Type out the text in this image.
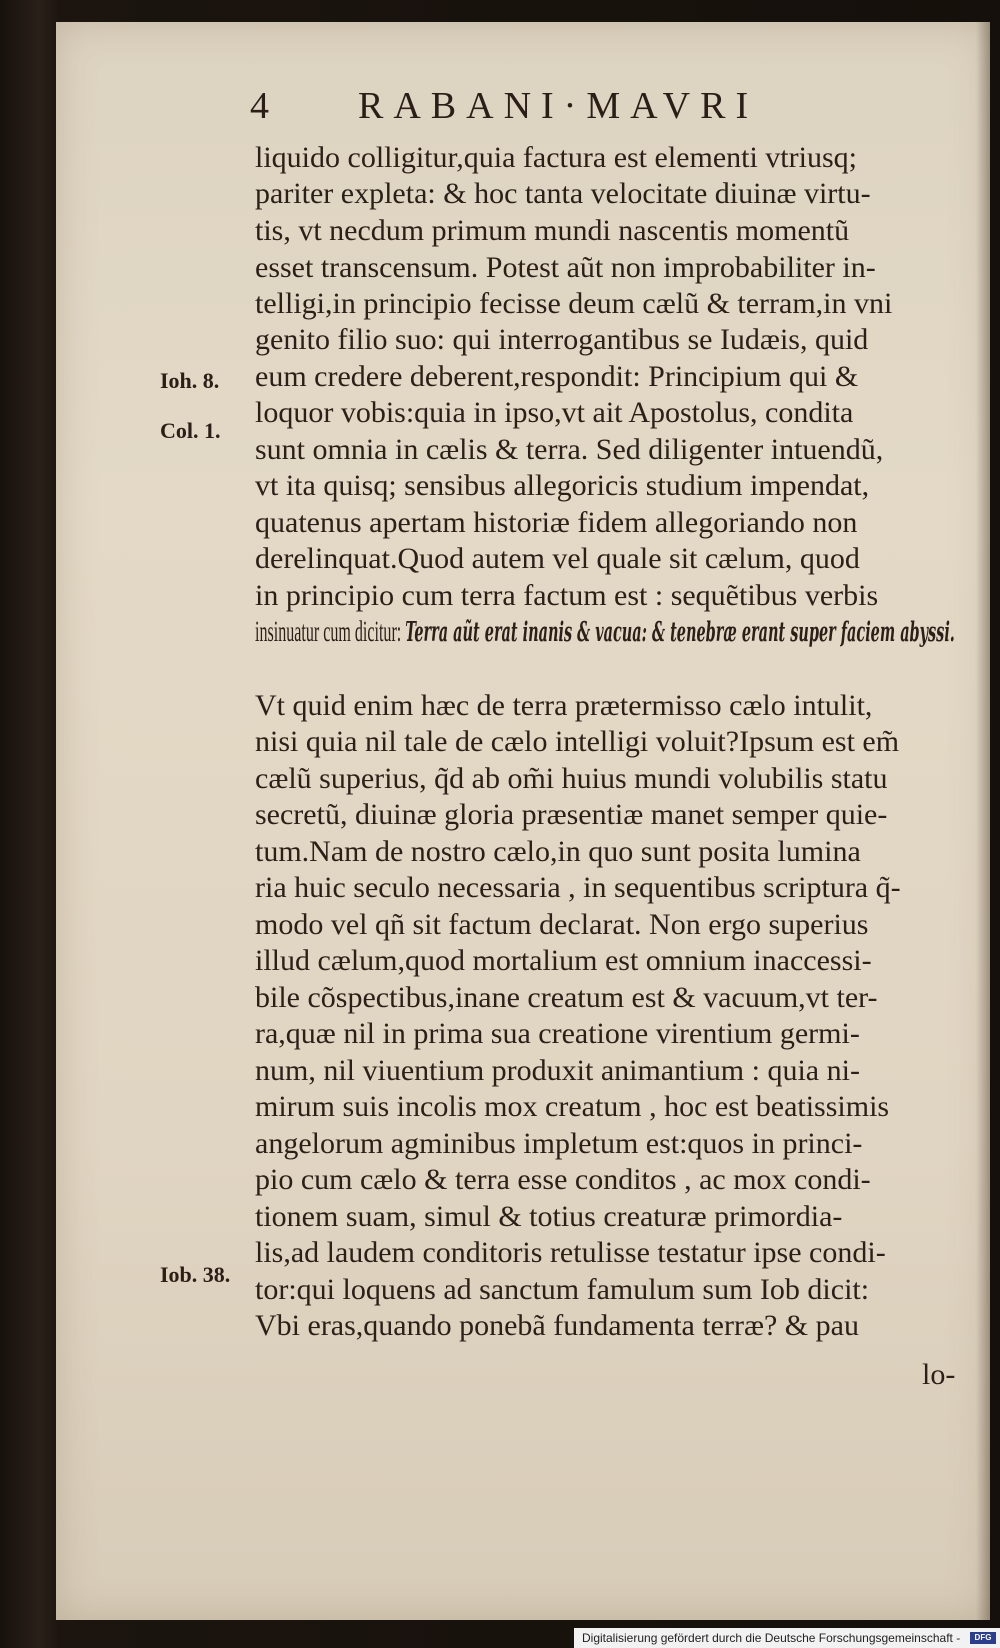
4 RABANI·MAVRI
Ioh. 8.
Col. 1.
Iob. 38.
liquido colligitur,quia factura est elementi vtriusq;
pariter expleta: & hoc tanta velocitate diuinæ virtu-
tis, vt necdum primum mundi nascentis momentũ
esset transcensum. Potest aũt non improbabiliter in-
telligi,in principio fecisse deum cælũ & terram,in vni
genito filio suo: qui interrogantibus se Iudæis, quid
eum credere deberent,respondit: Principium qui &
loquor vobis:quia in ipso,vt ait Apostolus, condita
sunt omnia in cælis & terra. Sed diligenter intuendũ,
vt ita quisq; sensibus allegoricis studium impendat,
quatenus apertam historiæ fidem allegoriando non
derelinquat.Quod autem vel quale sit cælum, quod
in principio cum terra factum est : sequẽtibus verbis
insinuatur cum dicitur: Terra aũt erat inanis & vacua: & tenebræ erant super faciem abyssi.
Vt quid enim hæc de terra prætermisso cælo intulit,
nisi quia nil tale de cælo intelligi voluit?Ipsum est em̃
cælũ superius, q̃d ab om̃i huius mundi volubilis statu
secretũ, diuinæ gloria præsentiæ manet semper quie-
tum.Nam de nostro cælo,in quo sunt posita lumina
ria huic seculo necessaria , in sequentibus scriptura q̃-
modo vel qñ sit factum declarat. Non ergo superius
illud cælum,quod mortalium est omnium inaccessi-
bile cõspectibus,inane creatum est & vacuum,vt ter-
ra,quæ nil in prima sua creatione virentium germi-
num, nil viuentium produxit animantium : quia ni-
mirum suis incolis mox creatum , hoc est beatissimis
angelorum agminibus impletum est:quos in princi-
pio cum cælo & terra esse conditos , ac mox condi-
tionem suam, simul & totius creaturæ primordia-
lis,ad laudem conditoris retulisse testatur ipse condi-
tor:qui loquens ad sanctum famulum sum Iob dicit:
Vbi eras,quando ponebã fundamenta terræ? & pau
lo-
Digitalisierung gefördert durch die Deutsche Forschungsgemeinschaft -	DFG
